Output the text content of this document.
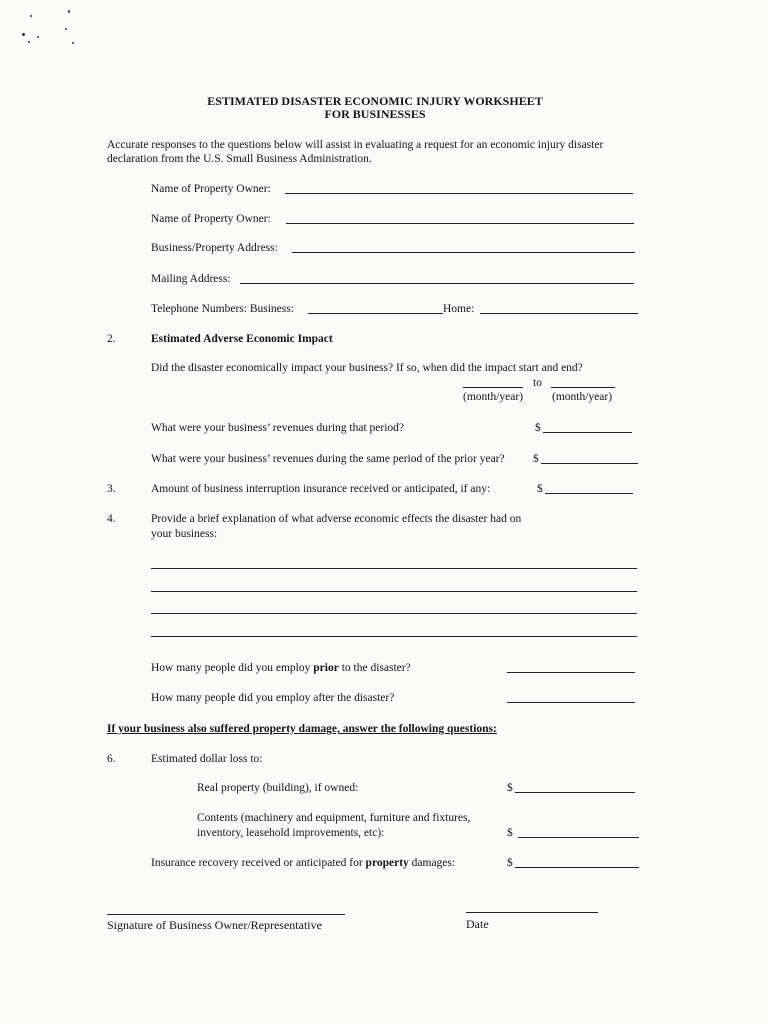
ESTIMATED DISASTER ECONOMIC INJURY WORKSHEET
FOR BUSINESSES
Accurate responses to the questions below will assist in evaluating a request for an economic injury disaster
declaration from the U.S. Small Business Administration.
Name of Property Owner:
Name of Property Owner:
Business/Property Address:
Mailing Address:
Telephone Numbers: Business:	Home:
2.	Estimated Adverse Economic Impact
Did the disaster economically impact your business? If so, when did the impact start and end?
to
(month/year)	(month/year)
What were your business’ revenues during that period?	$
What were your business’ revenues during the same period of the prior year? $
3.	Amount of business interruption insurance received or anticipated, if any:	$
4.	Provide a brief explanation of what adverse economic effects the disaster had on
your business:
How many people did you employ prior to the disaster?
How many people did you employ after the disaster?
If your business also suffered property damage, answer the following questions:
6.	Estimated dollar loss to:
Real property (building), if owned:	$
Contents (machinery and equipment, furniture and fixtures,
inventory, leasehold improvements, etc):	$
Insurance recovery received or anticipated for property damages:	$
Signature of Business Owner/Representative	Date
